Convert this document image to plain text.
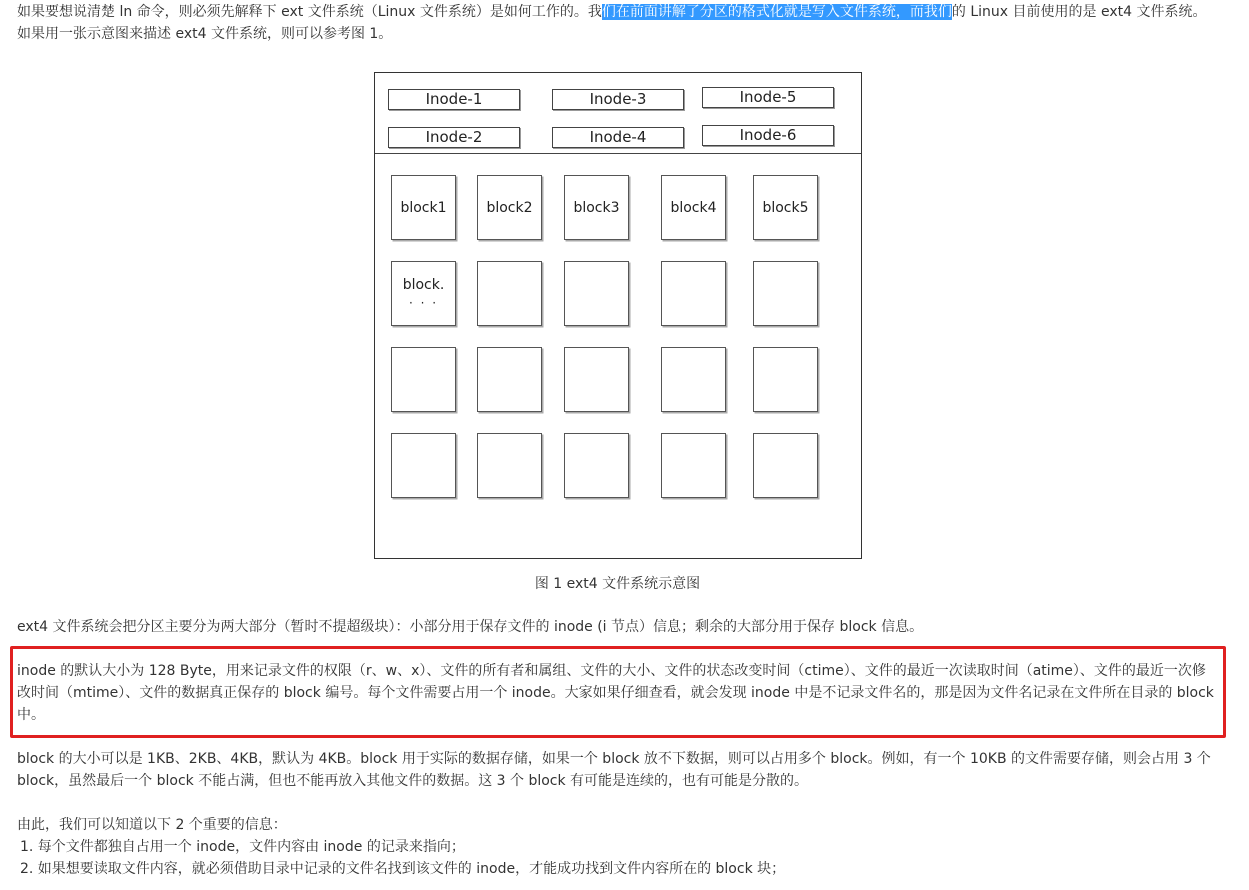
如果要想说清楚 ln 命令，则必须先解释下 ext 文件系统（Linux 文件系统）是如何工作的。我们在前面讲解了分区的格式化就是写入文件系统，而我们的 Linux 目前使用的是 ext4 文件系统。如果用一张示意图来描述 ext4 文件系统，则可以参考图 1。

Inode-1	Inode-3	Inode-5
Inode-2	Inode-4	Inode-6
block1	block2	block3	block4	block5
block.
· · ·
图 1 ext4 文件系统示意图

ext4 文件系统会把分区主要分为两大部分（暂时不提超级块）：小部分用于保存文件的 inode (i 节点）信息；剩余的大部分用于保存 block 信息。

inode 的默认大小为 128 Byte，用来记录文件的权限（r、w、x）、文件的所有者和属组、文件的大小、文件的状态改变时间（ctime）、文件的最近一次读取时间（atime）、文件的最近一次修改时间（mtime）、文件的数据真正保存的 block 编号。每个文件需要占用一个 inode。大家如果仔细查看，就会发现 inode 中是不记录文件名的，那是因为文件名记录在文件所在目录的 block 中。

block 的大小可以是 1KB、2KB、4KB，默认为 4KB。block 用于实际的数据存储，如果一个 block 放不下数据，则可以占用多个 block。例如，有一个 10KB 的文件需要存储，则会占用 3 个 block，虽然最后一个 block 不能占满，但也不能再放入其他文件的数据。这 3 个 block 有可能是连续的，也有可能是分散的。

由此，我们可以知道以下 2 个重要的信息：

1. 每个文件都独自占用一个 inode，文件内容由 inode 的记录来指向；

2. 如果想要读取文件内容，就必须借助目录中记录的文件名找到该文件的 inode，才能成功找到文件内容所在的 block 块；
